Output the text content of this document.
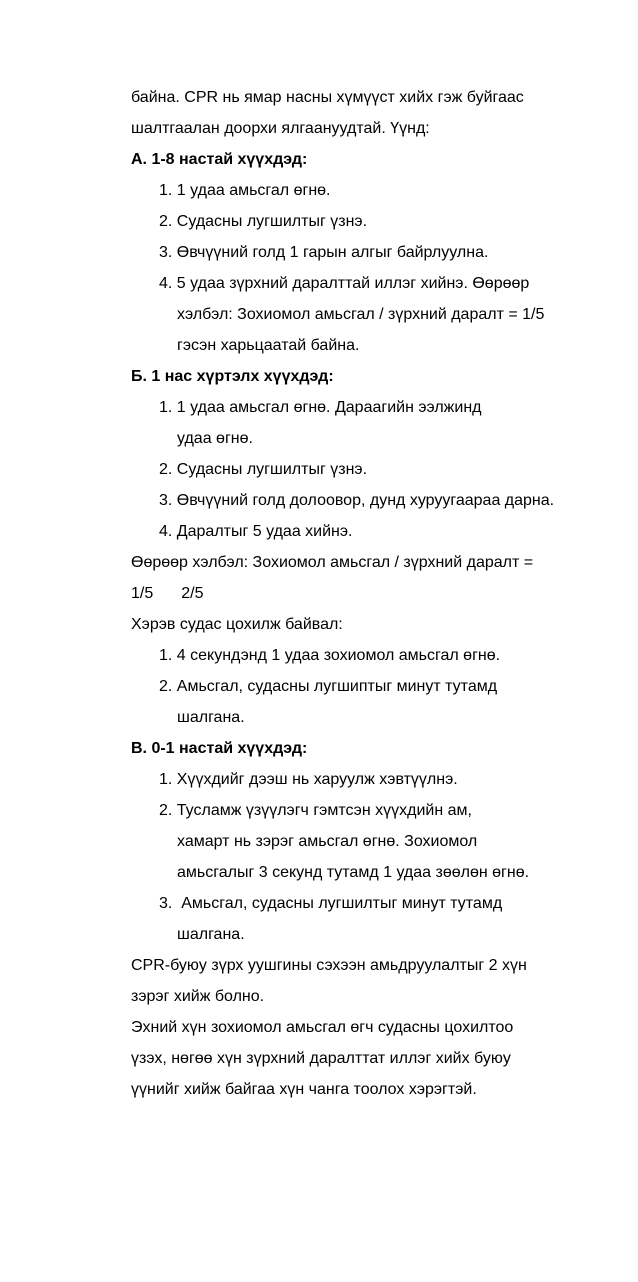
байна. CPR нь ямар насны хүмүүст хийх гэж буйгаас
шалтгаалан доорхи ялгаануудтай. Үүнд:
А. 1-8 настай хүүхдэд:
1. 1 удаа амьсгал өгнө.
2. Судасны лугшилтыг үзнэ.
3. Өвчүүний голд 1 гарын алгыг байрлуулна.
4. 5 удаа зүрхний даралттай иллэг хийнэ. Өөрөөр
хэлбэл: Зохиомол амьсгал / зүрхний даралт = 1/5
гэсэн харьцаатай байна.
Б. 1 нас хүртэлх хүүхдэд:
1. 1 удаа амьсгал өгнө. Дараагийн ээлжинд
удаа өгнө.
2. Судасны лугшилтыг үзнэ.
3. Өвчүүний голд долоовор, дунд хуруугаараа дарна.
4. Даралтыг 5 удаа хийнэ.
Өөрөөр хэлбэл: Зохиомол амьсгал / зүрхний даралт =
1/5 2/5
Хэрэв судас цохилж байвал:
1. 4 секундэнд 1 удаа зохиомол амьсгал өгнө.
2. Амьсгал, судасны лугшиптыг минут тутамд
шалгана.
В. 0-1 настай хүүхдэд:
1. Хүүхдийг дээш нь харуулж хэвтүүлнэ.
2. Тусламж үзүүлэгч гэмтсэн хүүхдийн ам,
хамарт нь зэрэг амьсгал өгнө. Зохиомол
амьсгалыг 3 секунд тутамд 1 удаа зөөлөн өгнө.
3. Амьсгал, судасны лугшилтыг минут тутамд
шалгана.
CPR-буюу зүрх уушгины сэхээн амьдруулалтыг 2 хүн
зэрэг хийж болно.
Эхний хүн зохиомол амьсгал өгч судасны цохилтоо
үзэх, нөгөө хүн зүрхний даралттат иллэг хийх буюу
үүнийг хийж байгаа хүн чанга тоолох хэрэгтэй.
